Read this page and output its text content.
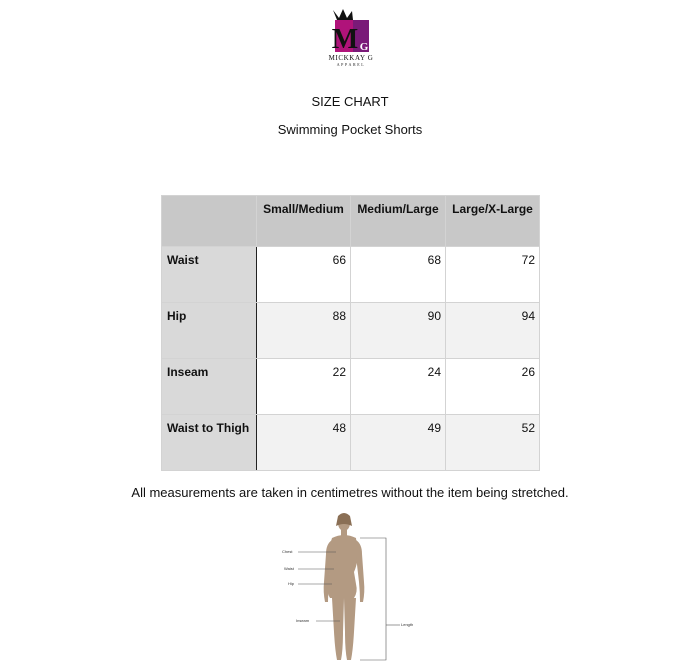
M G
MICKKAY G
APPAREL
SIZE CHART
Swimming Pocket Shorts
	Small/Medium	Medium/Large	Large/X-Large
Waist	66	68	72
Hip	88	90	94
Inseam	22	24	26
Waist to Thigh	48	49	52
All measurements are taken in centimetres without the item being stretched.
Chest
Waist
Hip
Inseam
Length
